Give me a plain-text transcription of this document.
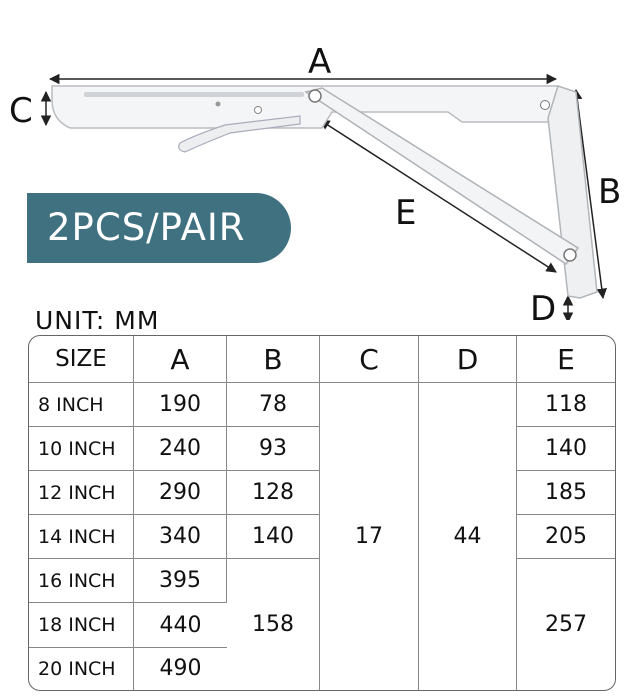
A
C
B
E
D
2PCS/PAIR
UNIT: MM
SIZE	A	B	C	D	E
8 INCH	190	78	17	44	118
10 INCH	240	93			140
12 INCH	290	128			185
14 INCH	340	140			205
16 INCH	395	158			257
18 INCH	440				
20 INCH	490				
